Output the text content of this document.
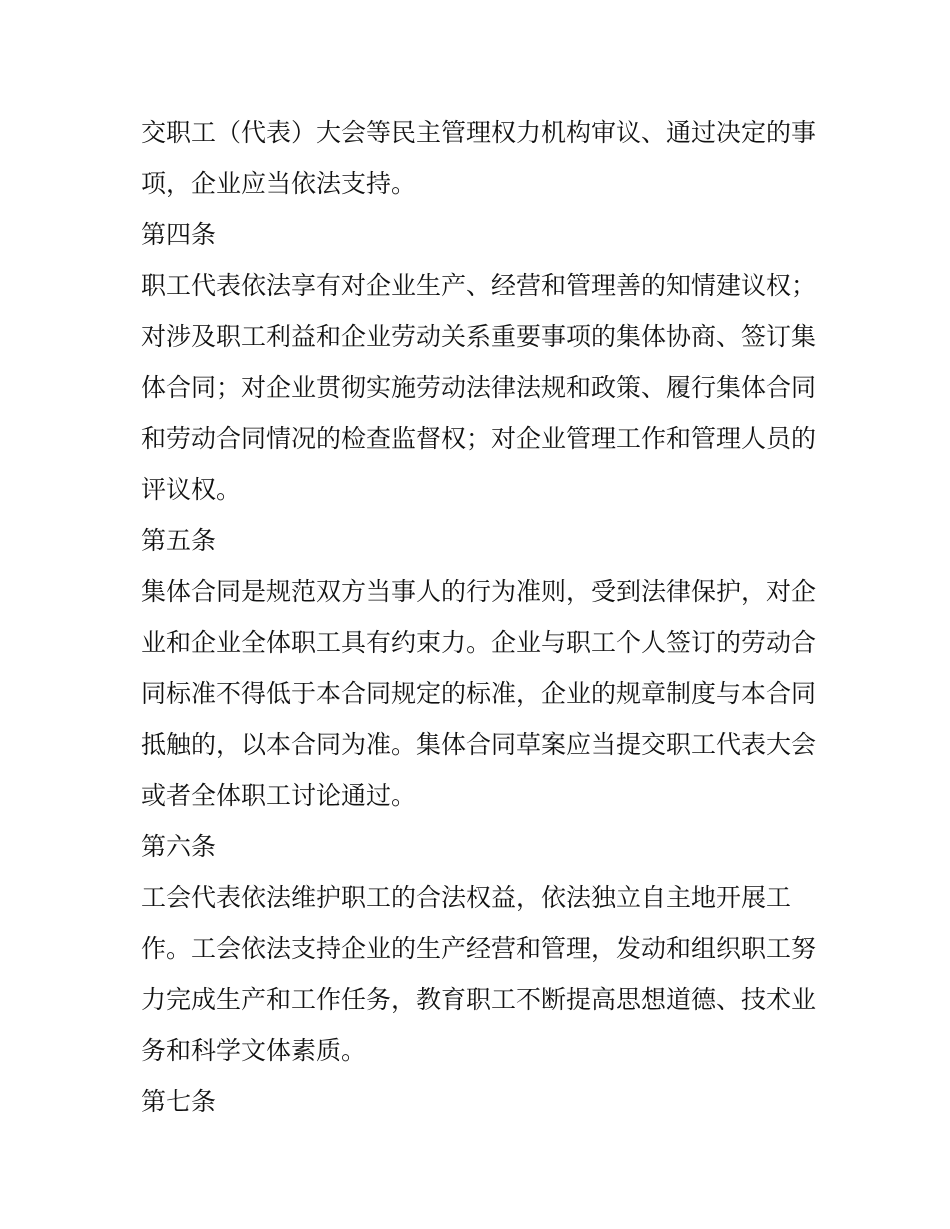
交职工（代表）大会等民主管理权力机构审议、通过决定的事
项，企业应当依法支持。
第四条
职工代表依法享有对企业生产、经营和管理善的知情建议权；
对涉及职工利益和企业劳动关系重要事项的集体协商、签订集
体合同；对企业贯彻实施劳动法律法规和政策、履行集体合同
和劳动合同情况的检查监督权；对企业管理工作和管理人员的
评议权。
第五条
集体合同是规范双方当事人的行为准则，受到法律保护，对企
业和企业全体职工具有约束力。企业与职工个人签订的劳动合
同标准不得低于本合同规定的标准，企业的规章制度与本合同
抵触的，以本合同为准。集体合同草案应当提交职工代表大会
或者全体职工讨论通过。
第六条
工会代表依法维护职工的合法权益，依法独立自主地开展工
作。工会依法支持企业的生产经营和管理，发动和组织职工努
力完成生产和工作任务，教育职工不断提高思想道德、技术业
务和科学文体素质。
第七条
